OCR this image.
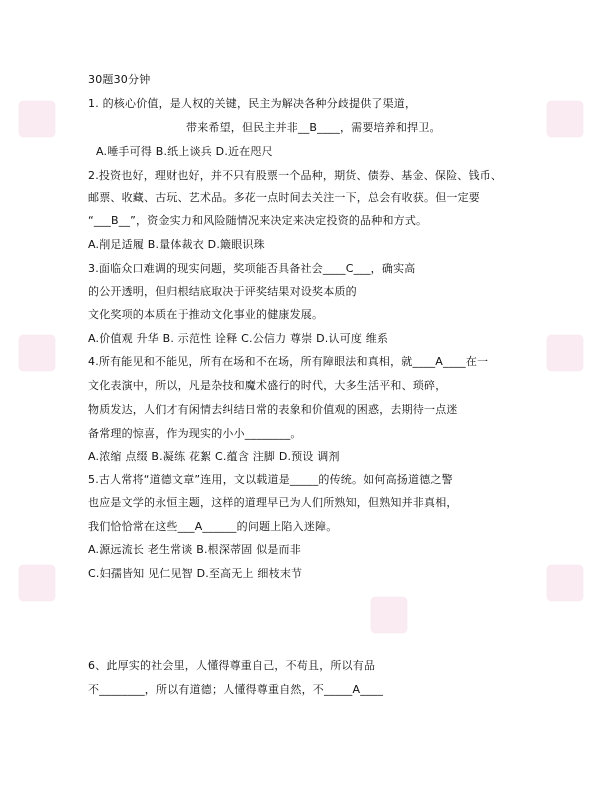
30题30分钟
1. 的核心价值，是人权的关键，民主为解决各种分歧提供了渠道，
带来希望，但民主并非__B____，需要培养和捍卫。
A.唾手可得 B.纸上谈兵 D.近在咫尺
2.投资也好，理财也好，并不只有股票一个品种，期货、债券、基金、保险、钱币、
邮票、收藏、古玩、艺术品。多花一点时间去关注一下，总会有收获。但一定要
“___B__”，资金实力和风险随情况来决定来决定投资的品种和方式。
A.削足适履 B.量体裁衣 D.簸眼识珠
3.面临众口难调的现实问题，奖项能否具备社会____C___，确实高
的公开透明，但归根结底取决于评奖结果对设奖本质的
文化奖项的本质在于推动文化事业的健康发展。
A.价值观 升华 B. 示范性 诠释 C.公信力 尊崇 D.认可度 维系
4.所有能见和不能见，所有在场和不在场，所有障眼法和真相，就____A____在一
文化表演中，所以，凡是杂技和魔术盛行的时代，大多生活平和、琐碎，
物质发达，人们才有闲情去纠结日常的表象和价值观的困惑，去期待一点迷
备常理的惊喜，作为现实的小小________。
A.浓缩 点缀 B.凝练 花絮 C.蕴含 注脚 D.预设 调剂
5.古人常将“道德文章”连用，文以载道是_____的传统。如何高扬道德之警
也应是文学的永恒主题，这样的道理早已为人们所熟知，但熟知并非真相，
我们恰恰常在这些___A______的问题上陷入迷障。
A.源远流长 老生常谈 B.根深蒂固 似是而非
C.妇孺皆知 见仁见智 D.至高无上 细枝末节
6、此厚实的社会里，人懂得尊重自己，不苟且，所以有品
不________，所以有道德；人懂得尊重自然，不_____A____
